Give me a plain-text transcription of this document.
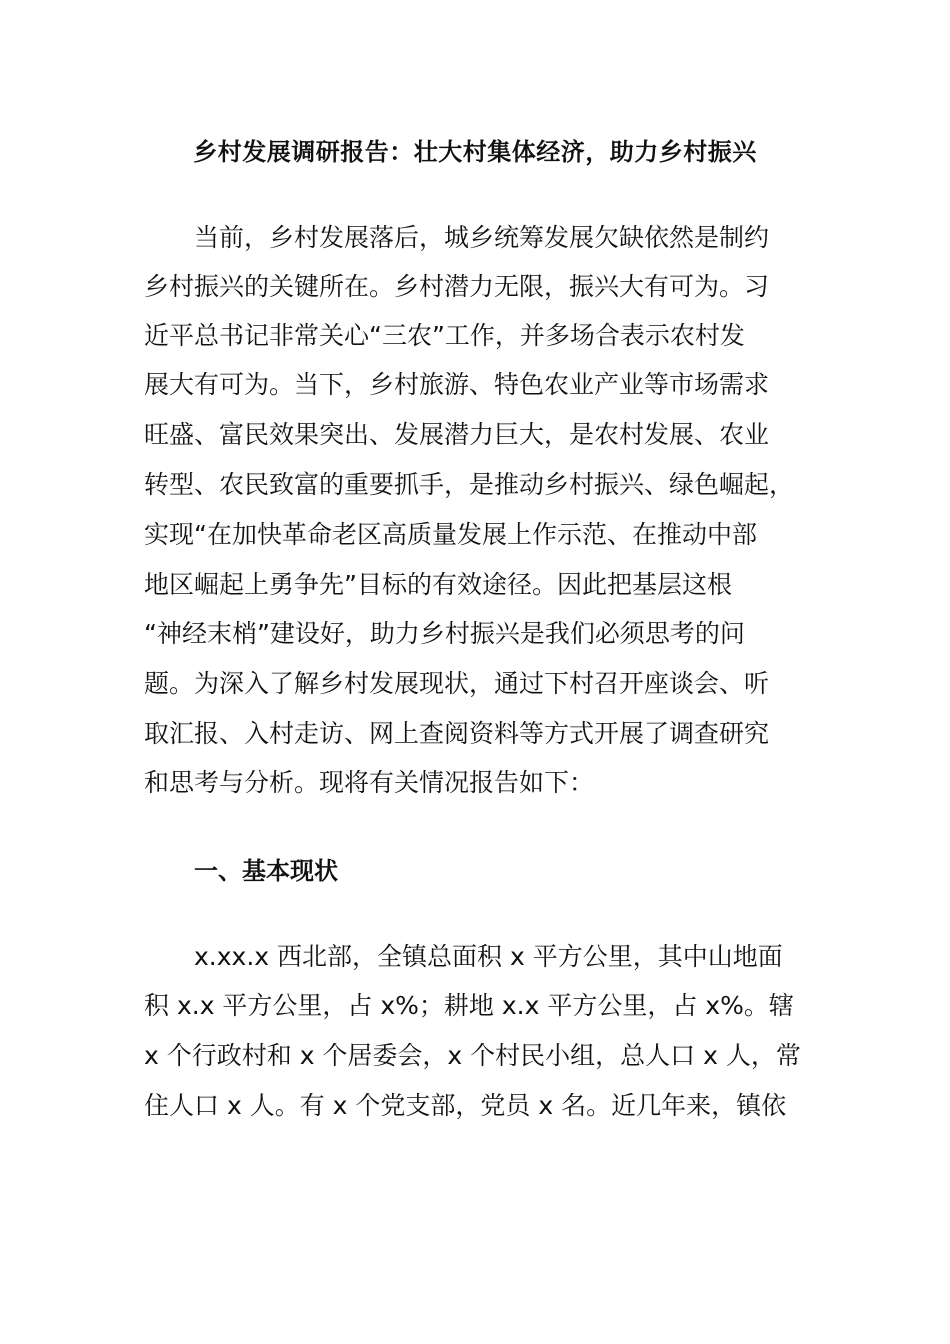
乡村发展调研报告：壮大村集体经济，助力乡村振兴

当前，乡村发展落后，城乡统筹发展欠缺依然是制约

乡村振兴的关键所在。乡村潜力无限，振兴大有可为。习

近平总书记非常关心“三农”工作，并多场合表示农村发

展大有可为。当下，乡村旅游、特色农业产业等市场需求

旺盛、富民效果突出、发展潜力巨大，是农村发展、农业

转型、农民致富的重要抓手，是推动乡村振兴、绿色崛起，

实现“在加快革命老区高质量发展上作示范、在推动中部

地区崛起上勇争先”目标的有效途径。因此把基层这根

“神经末梢”建设好，助力乡村振兴是我们必须思考的问

题。为深入了解乡村发展现状，通过下村召开座谈会、听

取汇报、入村走访、网上查阅资料等方式开展了调查研究

和思考与分析。现将有关情况报告如下：

一、基本现状

x.xx.x 西北部，全镇总面积 x 平方公里，其中山地面

积 x.x 平方公里，占 x%；耕地 x.x 平方公里，占 x%。辖

x 个行政村和 x 个居委会，x 个村民小组，总人口 x 人，常

住人口 x 人。有 x 个党支部，党员 x 名。近几年来，镇依
